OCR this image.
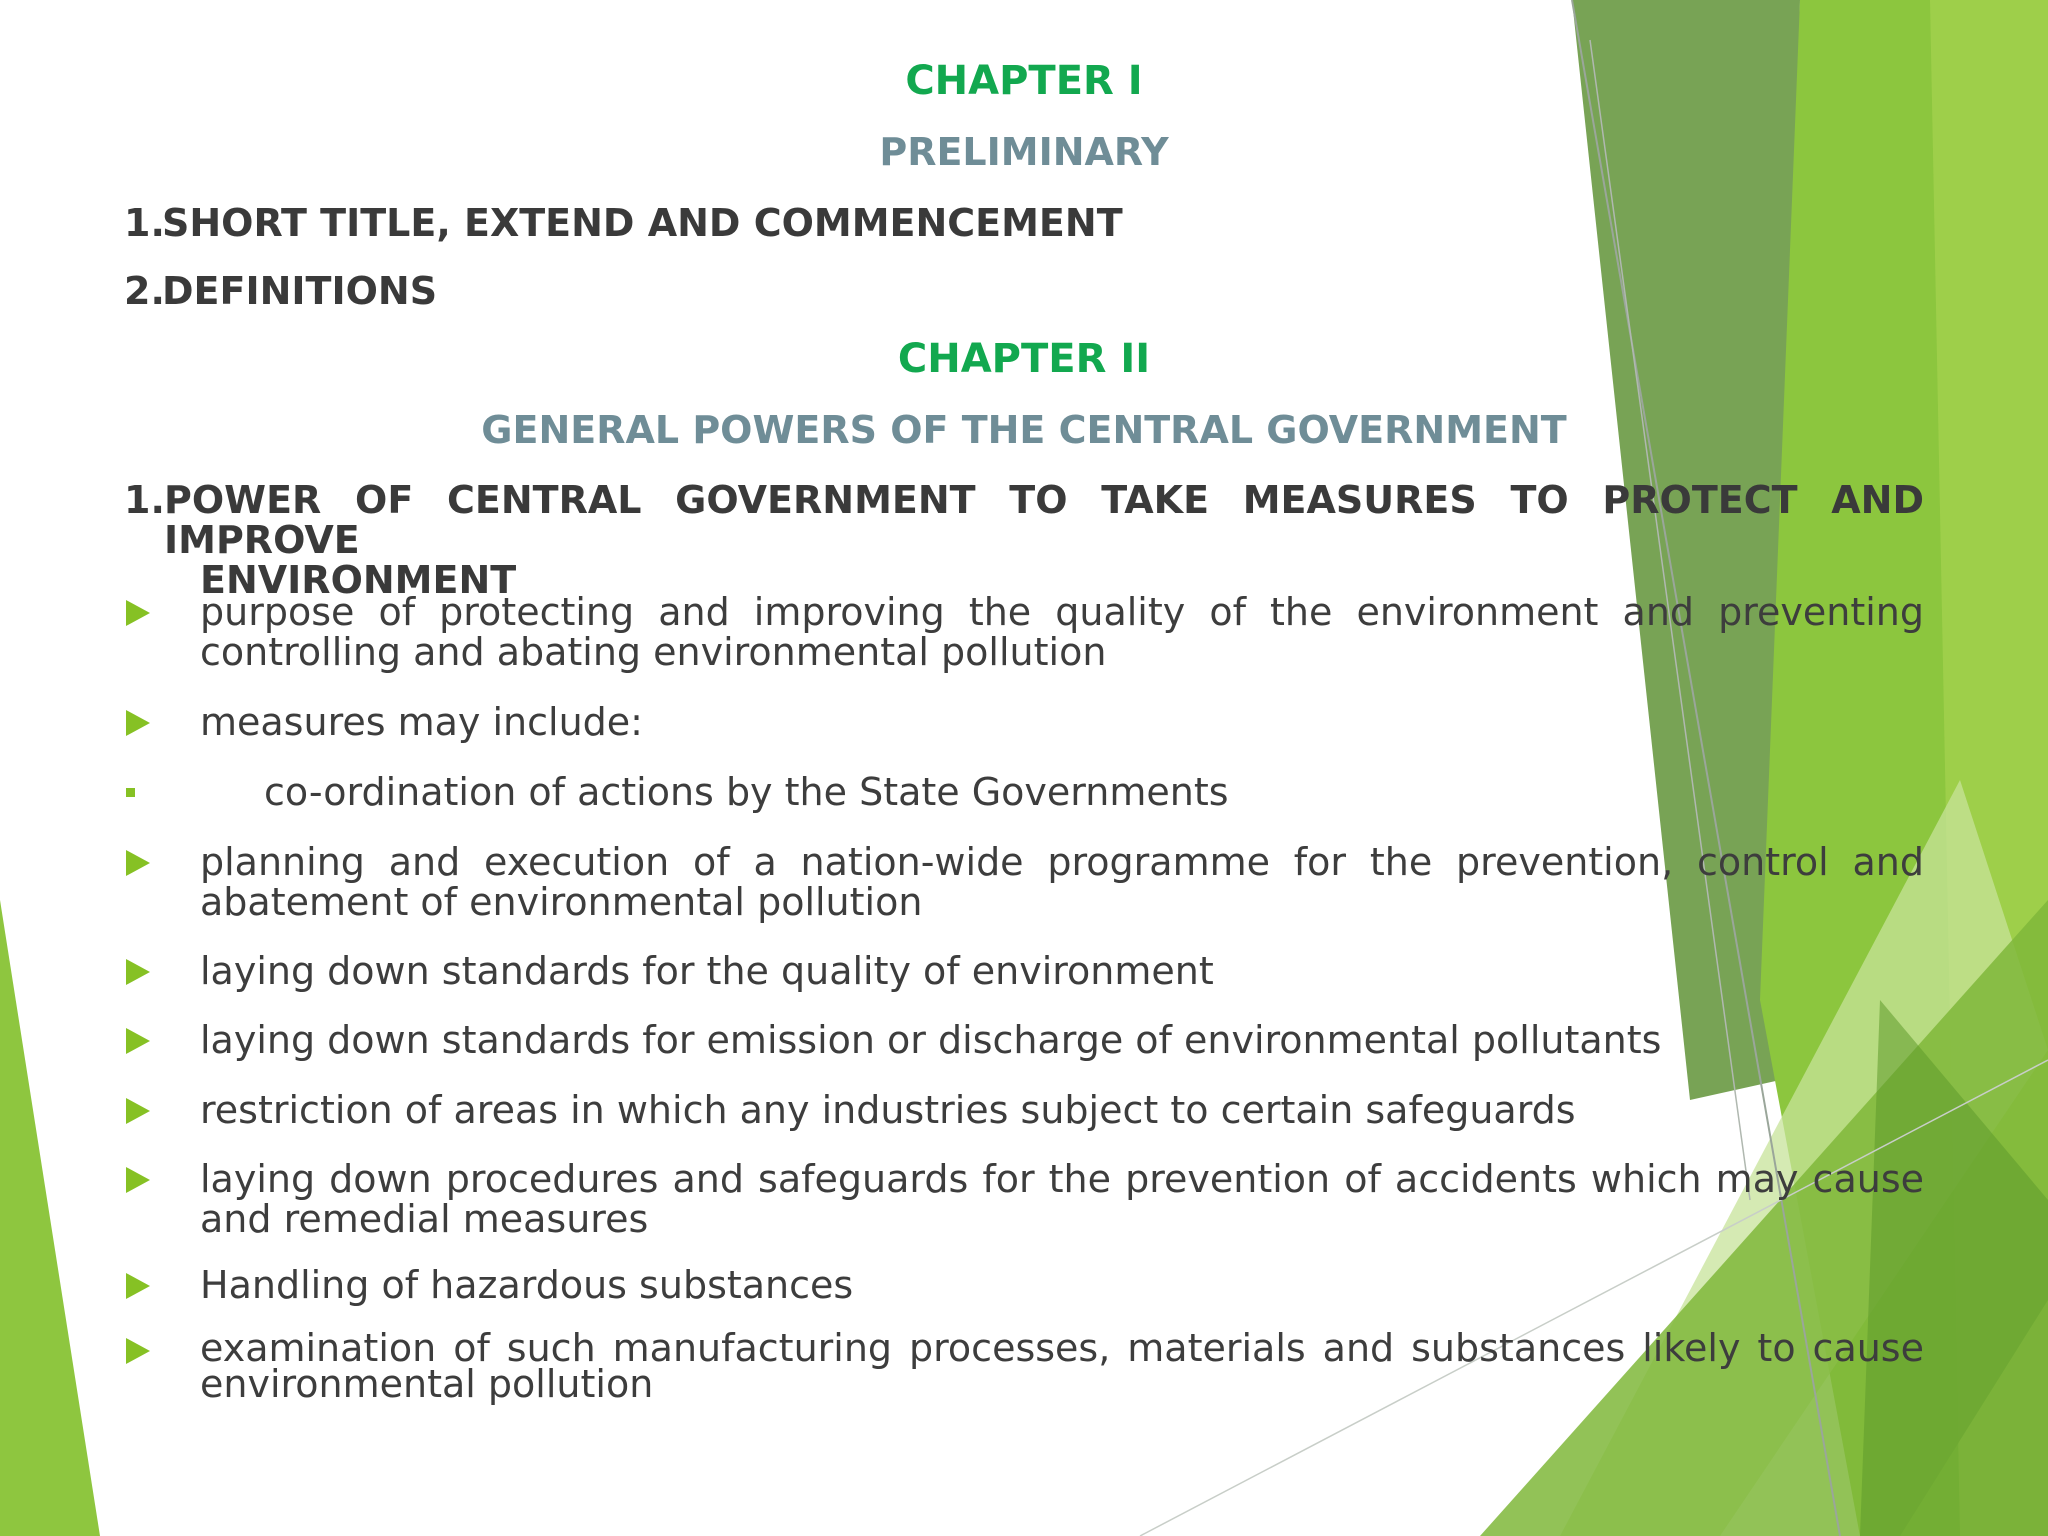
CHAPTER I
PRELIMINARY
1.
SHORT TITLE, EXTEND AND COMMENCEMENT
2.
DEFINITIONS
CHAPTER II
GENERAL POWERS OF THE CENTRAL GOVERNMENT
1. POWER OF CENTRAL GOVERNMENT TO TAKE MEASURES TO PROTECT AND IMPROVE
ENVIRONMENT
purpose of protecting and improving the quality of the environment and preventing
controlling and abating environmental pollution
measures may include:
co-ordination of actions by the State Governments
planning and execution of a nation-wide programme for the prevention, control and
abatement of environmental pollution
laying down standards for the quality of environment
laying down standards for emission or discharge of environmental pollutants
restriction of areas in which any industries subject to certain safeguards
laying down procedures and safeguards for the prevention of accidents which may cause
and remedial measures
Handling of hazardous substances
examination of such manufacturing processes, materials and substances likely to cause
environmental pollution
